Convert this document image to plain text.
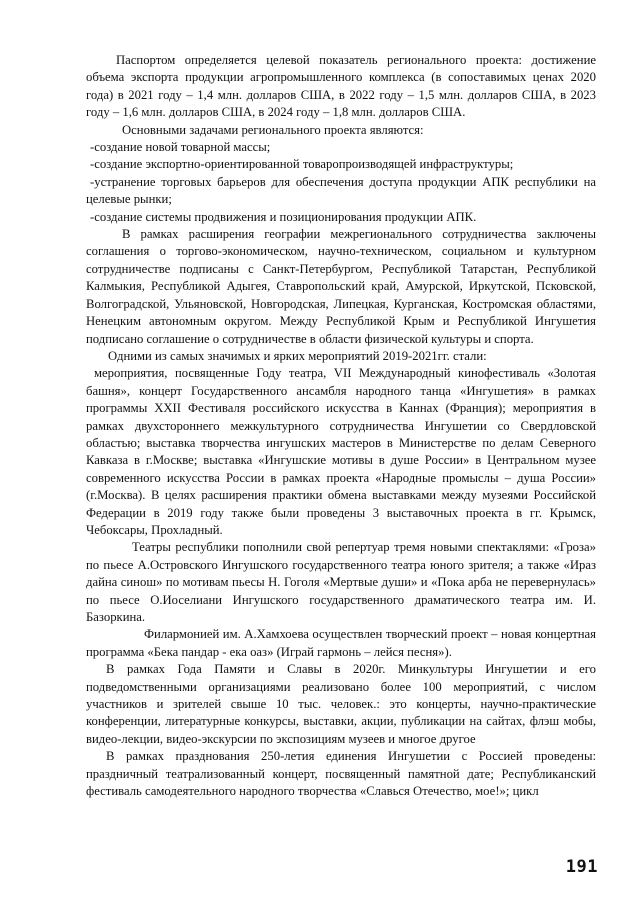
Паспортом определяется целевой показатель регионального проекта: достижение объема экспорта продукции агропромышленного комплекса (в сопоставимых ценах 2020 года) в 2021 году – 1,4 млн. долларов США, в 2022 году – 1,5 млн. долларов США, в 2023 году – 1,6 млн. долларов США, в 2024 году – 1,8 млн. долларов США.

Основными задачами регионального проекта являются:

-создание новой товарной массы;

-создание экспортно-ориентированной товаропроизводящей инфраструктуры;

-устранение торговых барьеров для обеспечения доступа продукции АПК республики на целевые рынки;

-создание системы продвижения и позиционирования продукции АПК.

В рамках расширения географии межрегионального сотрудничества заключены соглашения о торгово-экономическом, научно-техническом, социальном и культурном сотрудничестве подписаны с Санкт-Петербургом, Республикой Татарстан, Республикой Калмыкия, Республикой Адыгея, Ставропольский край, Амурской, Иркутской, Псковской, Волгоградской, Ульяновской, Новгородская, Липецкая, Курганская, Костромская областями, Ненецким автономным округом. Между Республикой Крым и Республикой Ингушетия подписано соглашение о сотрудничестве в области физической культуры и спорта.

Одними из самых значимых и ярких мероприятий 2019-2021гг. стали:

мероприятия, посвященные Году театра, VII Международный кинофестиваль «Золотая башня», концерт Государственного ансамбля народного танца «Ингушетия» в рамках программы XXII Фестиваля российского искусства в Каннах (Франция); мероприятия в рамках двухстороннего межкультурного сотрудничества Ингушетии со Свердловской областью; выставка творчества ингушских мастеров в Министерстве по делам Северного Кавказа в г.Москве; выставка «Ингушские мотивы в душе России» в Центральном музее современного искусства России в рамках проекта «Народные промыслы – душа России» (г.Москва). В целях расширения практики обмена выставками между музеями Российской Федерации в 2019 году также были проведены 3 выставочных проекта в гг. Крымск, Чебоксары, Прохладный.

Театры республики пополнили свой репертуар тремя новыми спектаклями: «Гроза» по пьесе А.Островского Ингушского государственного театра юного зрителя; а также «Ираз дайна синош» по мотивам пьесы Н. Гоголя «Мертвые души» и «Пока арба не перевернулась» по пьесе О.Иоселиани Ингушского государственного драматического театра им. И. Базоркина.

Филармонией им. А.Хамхоева осуществлен творческий проект – новая концертная программа «Бека пандар - ека оаз» (Играй гармонь – лейся песня»).

В рамках Года Памяти и Славы в 2020г. Минкультуры Ингушетии и его подведомственными организациями реализовано более 100 мероприятий, с числом участников и зрителей свыше 10 тыс. человек.: это концерты, научно-практические конференции, литературные конкурсы, выставки, акции, публикации на сайтах, флэш мобы, видео-лекции, видео-экскурсии по экспозициям музеев и многое другое

В рамках празднования 250-летия единения Ингушетии с Россией проведены: праздничный театрализованный концерт, посвященный памятной дате; Республиканский фестиваль самодеятельного народного творчества «Славься Отечество, мое!»; цикл

191
